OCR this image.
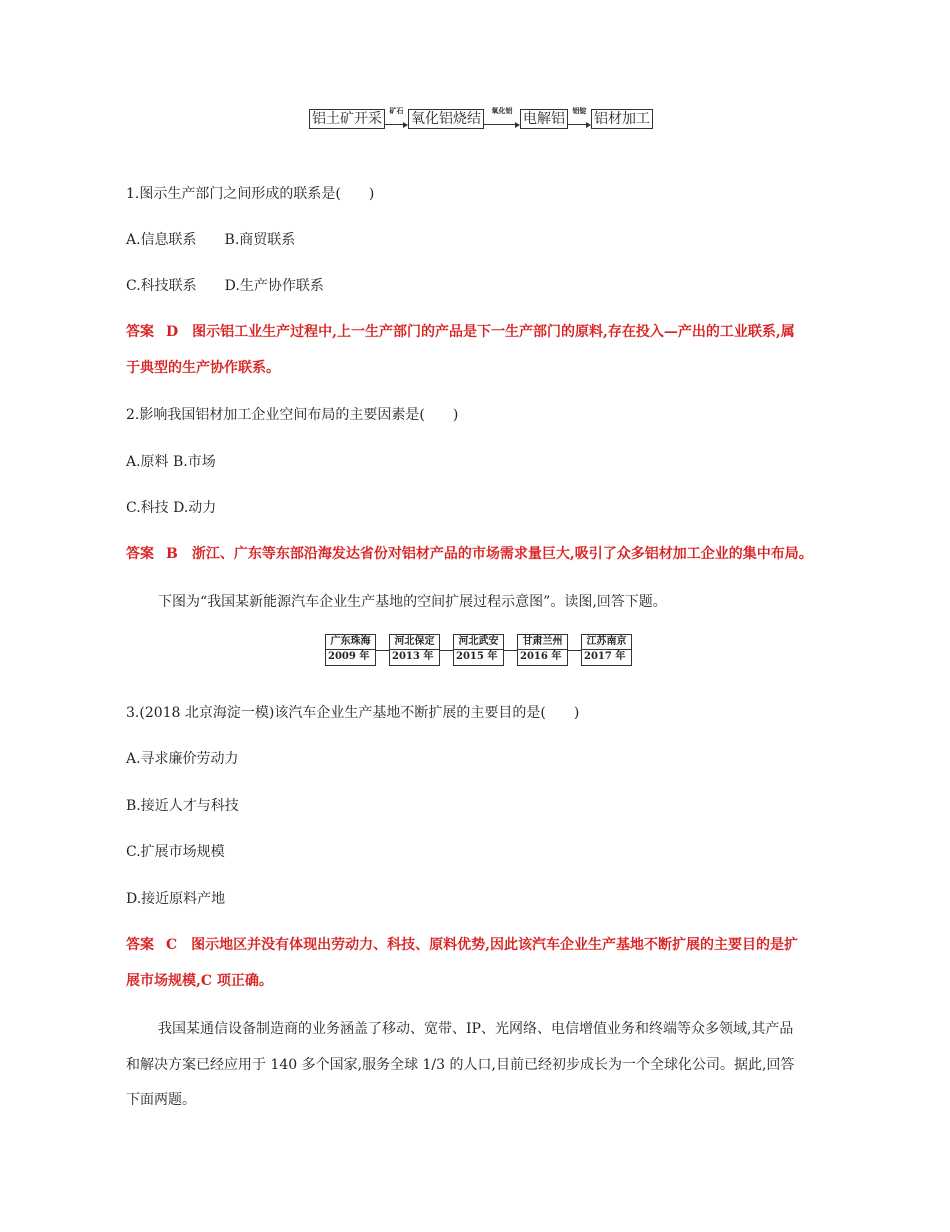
铝土矿开采
矿石
氧化铝烧结
氧化铝
电解铝
铝锭
铝材加工
1.图示生产部门之间形成的联系是(　　)
A.信息联系　　B.商贸联系
C.科技联系　　D.生产协作联系
答案 D 图示铝工业生产过程中,上一生产部门的产品是下一生产部门的原料,存在投入—产出的工业联系,属
于典型的生产协作联系。
2.影响我国铝材加工企业空间布局的主要因素是(　　)
A.原料 B.市场
C.科技 D.动力
答案 B 浙江、广东等东部沿海发达省份对铝材产品的市场需求量巨大,吸引了众多铝材加工企业的集中布局。
下图为“我国某新能源汽车企业生产基地的空间扩展过程示意图”。读图,回答下题。
广东珠海
2009 年
河北保定
2013 年
河北武安
2015 年
甘肃兰州
2016 年
江苏南京
2017 年
3.(2018 北京海淀一模)该汽车企业生产基地不断扩展的主要目的是(　　)
A.寻求廉价劳动力
B.接近人才与科技
C.扩展市场规模
D.接近原料产地
答案 C 图示地区并没有体现出劳动力、科技、原料优势,因此该汽车企业生产基地不断扩展的主要目的是扩
展市场规模,C 项正确。
我国某通信设备制造商的业务涵盖了移动、宽带、IP、光网络、电信增值业务和终端等众多领域,其产品
和解决方案已经应用于 140 多个国家,服务全球 1/3 的人口,目前已经初步成长为一个全球化公司。据此,回答
下面两题。
